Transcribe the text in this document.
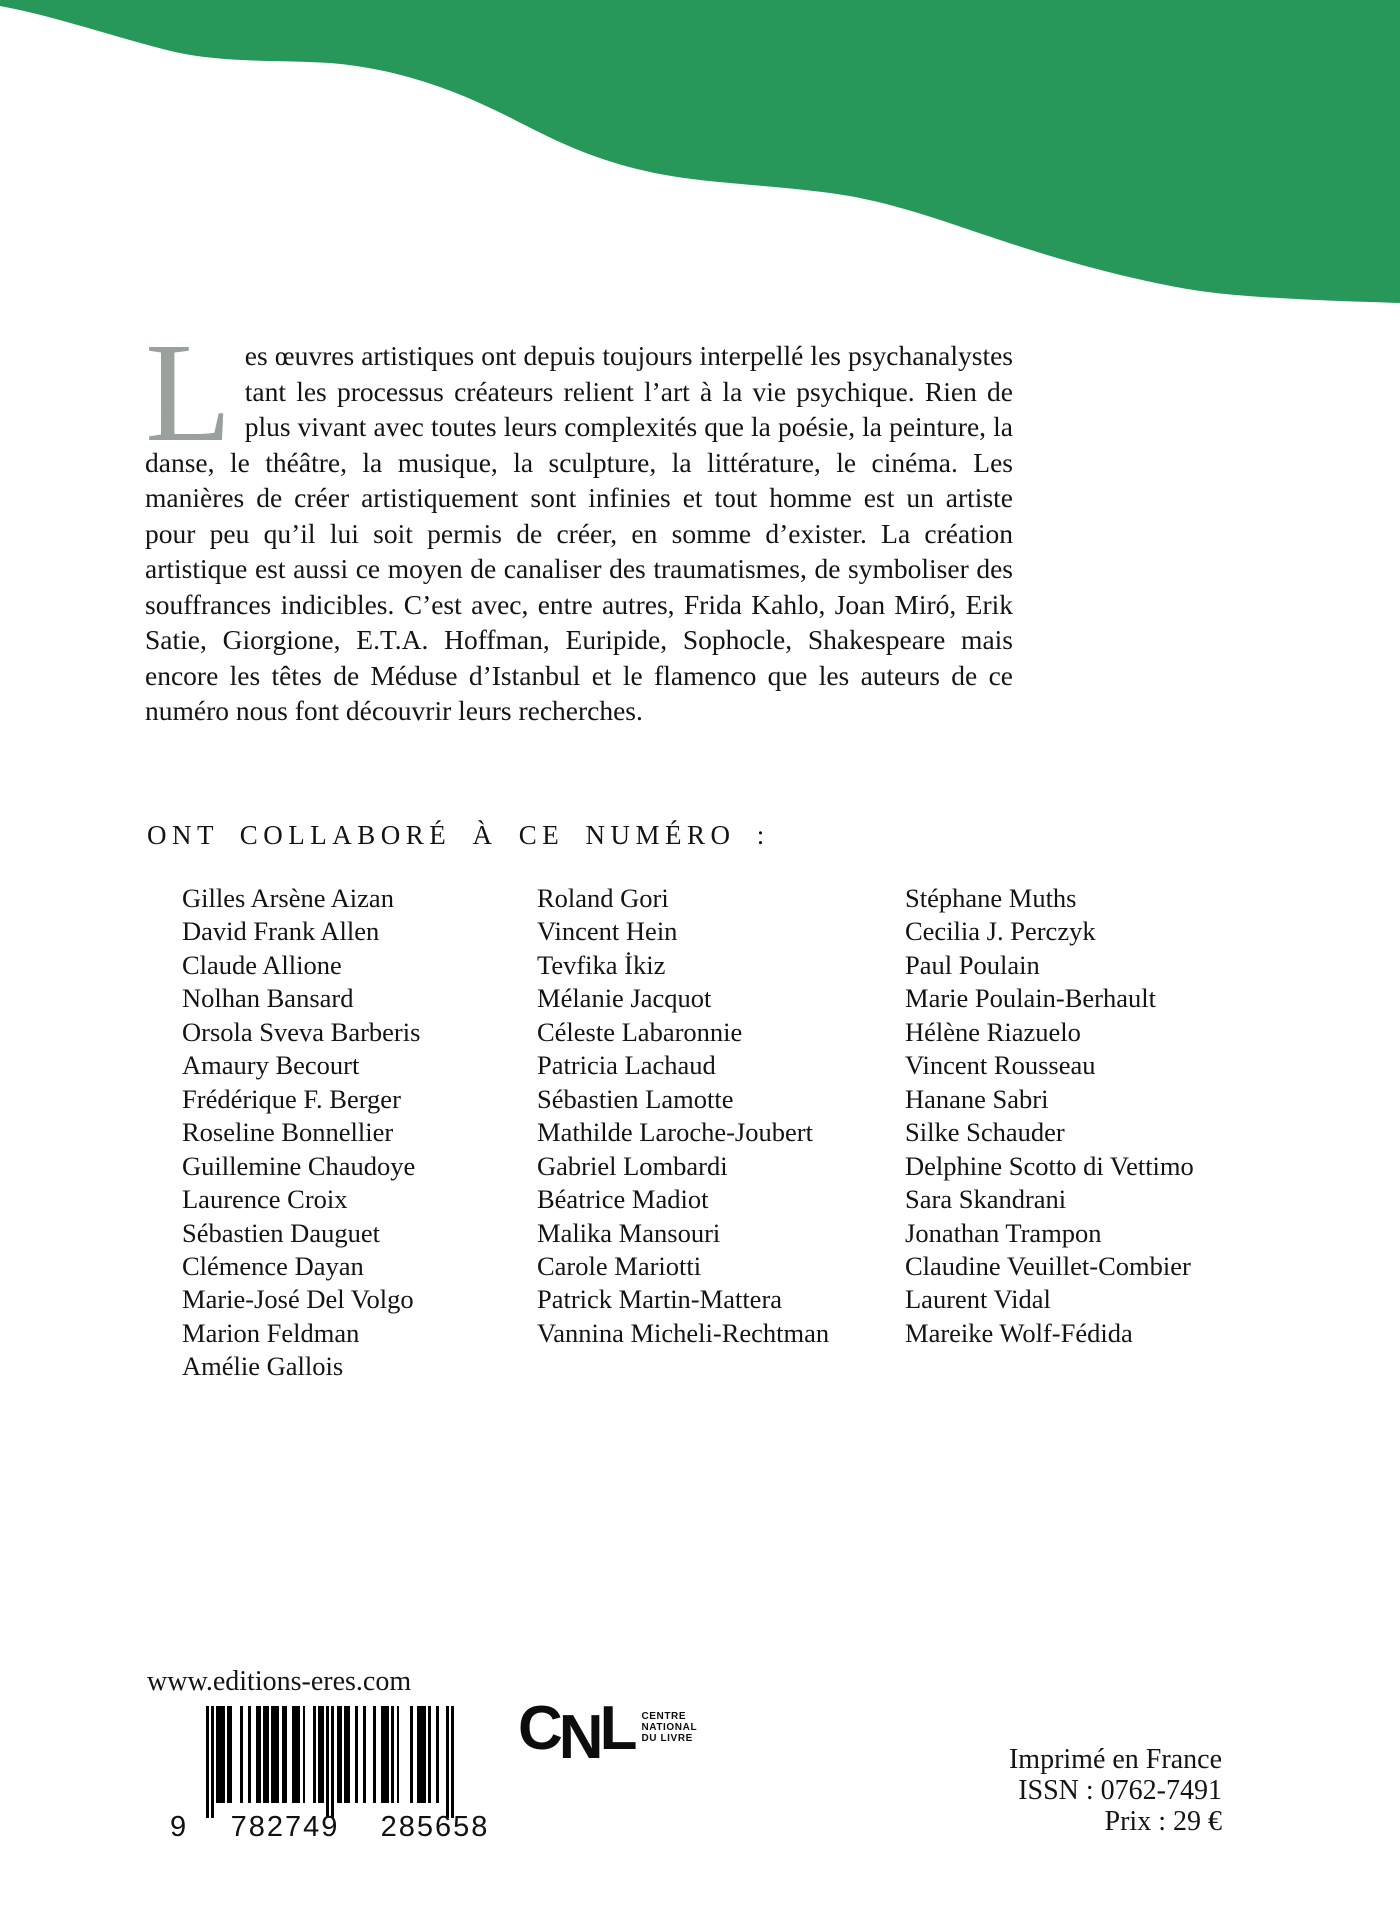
Les œuvres artistiques ont depuis toujours interpellé les psychanalystes tant les processus créateurs relient l’art à la vie psychique. Rien de plus vivant avec toutes leurs complexités que la poésie, la peinture, la danse, le théâtre, la musique, la sculpture, la littérature, le cinéma. Les manières de créer artistiquement sont infinies et tout homme est un artiste pour peu qu’il lui soit permis de créer, en somme d’exister. La création artistique est aussi ce moyen de canaliser des traumatismes, de symboliser des souffrances indicibles. C’est avec, entre autres, Frida Kahlo, Joan Miró, Erik Satie, Giorgione, E.T.A. Hoffman, Euripide, Sophocle, Shakespeare mais encore les têtes de Méduse d’Istanbul et le flamenco que les auteurs de ce numéro nous font découvrir leurs recherches.

ONT COLLABORÉ À CE NUMÉRO :
Gilles Arsène Aizan
David Frank Allen
Claude Allione
Nolhan Bansard
Orsola Sveva Barberis
Amaury Becourt
Frédérique F. Berger
Roseline Bonnellier
Guillemine Chaudoye
Laurence Croix
Sébastien Dauguet
Clémence Dayan
Marie-José Del Volgo
Marion Feldman
Amélie Gallois
Roland Gori
Vincent Hein
Tevfika İkiz
Mélanie Jacquot
Céleste Labaronnie
Patricia Lachaud
Sébastien Lamotte
Mathilde Laroche-Joubert
Gabriel Lombardi
Béatrice Madiot
Malika Mansouri
Carole Mariotti
Patrick Martin-Mattera
Vannina Micheli-Rechtman
Stéphane Muths
Cecilia J. Perczyk
Paul Poulain
Marie Poulain-Berhault
Hélène Riazuelo
Vincent Rousseau
Hanane Sabri
Silke Schauder
Delphine Scotto di Vettimo
Sara Skandrani
Jonathan Trampon
Claudine Veuillet-Combier
Laurent Vidal
Mareike Wolf-Fédida

www.editions-eres.com

9	782749	285658
C N L CENTRE
NATIONAL
DU LIVRE
Imprimé en France
ISSN : 0762-7491
Prix : 29 €
